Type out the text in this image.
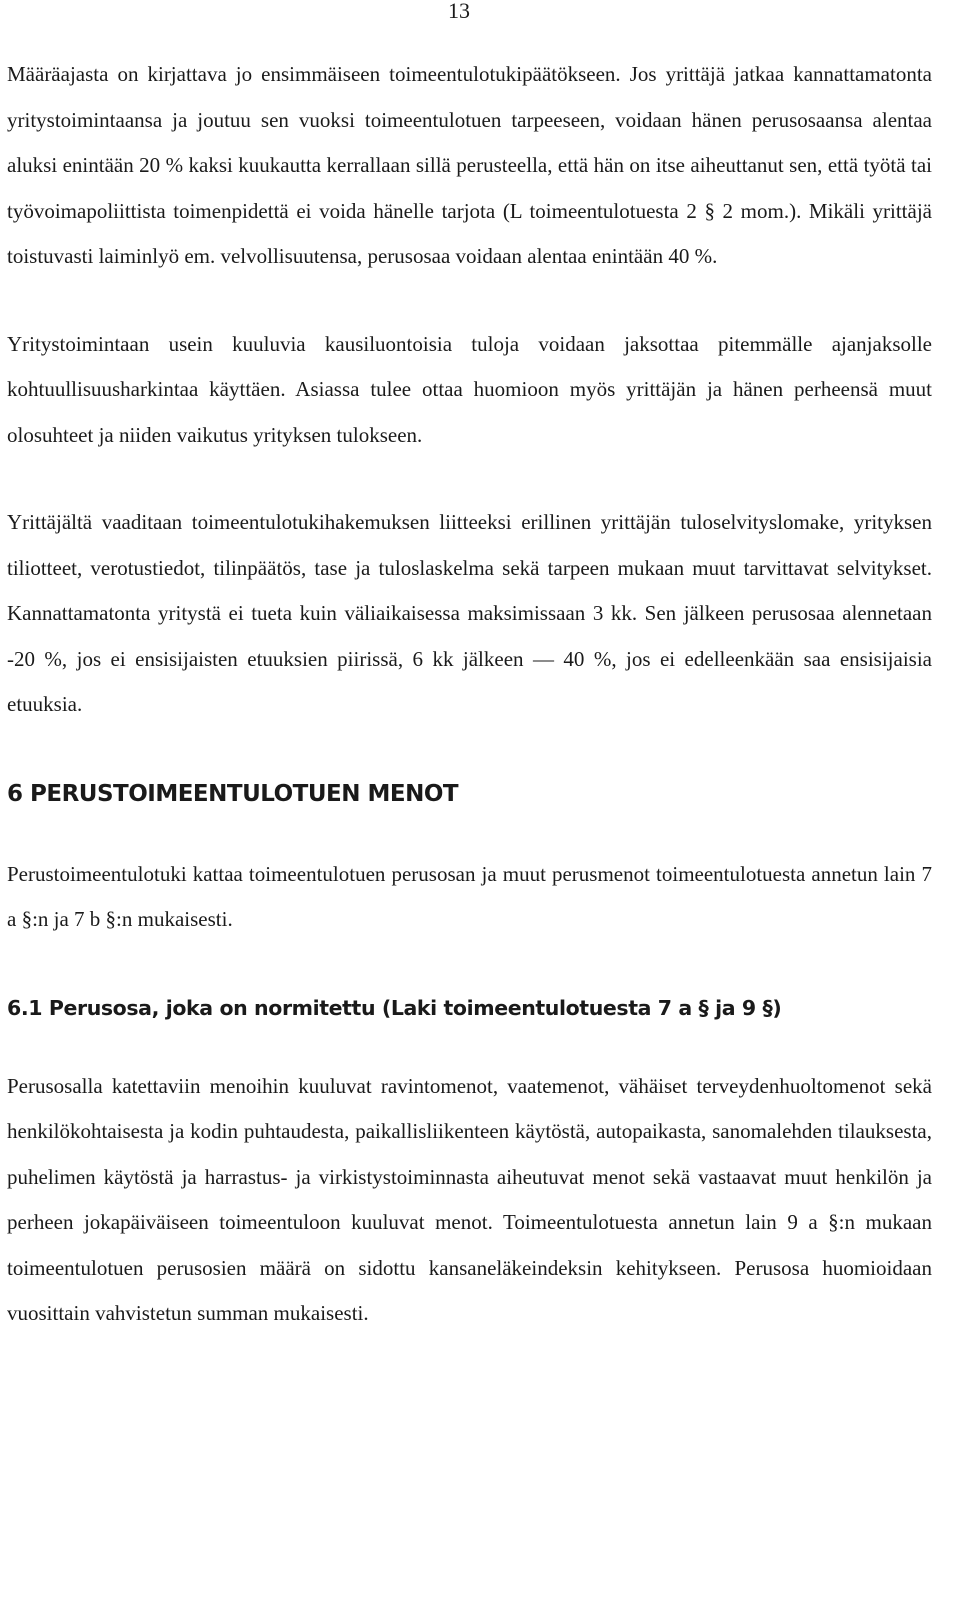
13

Määräajasta on kirjattava jo ensimmäiseen toimeentulotukipäätökseen. Jos yrittäjä jatkaa kannattamatonta yritystoimintaansa ja joutuu sen vuoksi toimeentulotuen tarpeeseen, voidaan hänen perusosaansa alentaa aluksi enintään 20 % kaksi kuukautta kerrallaan sillä perusteella, että hän on itse aiheuttanut sen, että työtä tai työvoimapoliittista toimenpidettä ei voida hänelle tarjota (L toimeentulotuesta 2 § 2 mom.). Mikäli yrittäjä toistuvasti laiminlyö em. velvollisuutensa, perusosaa voidaan alentaa enintään 40 %.

Yritystoimintaan usein kuuluvia kausiluontoisia tuloja voidaan jaksottaa pitemmälle ajanjaksolle kohtuullisuusharkintaa käyttäen. Asiassa tulee ottaa huomioon myös yrittäjän ja hänen perheensä muut olosuhteet ja niiden vaikutus yrityksen tulokseen.

Yrittäjältä vaaditaan toimeentulotukihakemuksen liitteeksi erillinen yrittäjän tuloselvityslomake, yrityksen tiliotteet, verotustiedot, tilinpäätös, tase ja tuloslaskelma sekä tarpeen mukaan muut tarvittavat selvitykset. Kannattamatonta yritystä ei tueta kuin väliaikaisessa maksimissaan 3 kk. Sen jälkeen perusosaa alennetaan -20 %, jos ei ensisijaisten etuuksien piirissä, 6 kk jälkeen — 40 %, jos ei edelleenkään saa ensisijaisia etuuksia.

6 PERUSTOIMEENTULOTUEN MENOT

Perustoimeentulotuki kattaa toimeentulotuen perusosan ja muut perusmenot toimeentulotuesta annetun lain 7 a §:n ja 7 b §:n mukaisesti.

6.1 Perusosa, joka on normitettu (Laki toimeentulotuesta 7 a § ja 9 §)

Perusosalla katettaviin menoihin kuuluvat ravintomenot, vaatemenot, vähäiset terveydenhuoltomenot sekä henkilökohtaisesta ja kodin puhtaudesta, paikallisliikenteen käytöstä, autopaikasta, sanomalehden tilauksesta, puhelimen käytöstä ja harrastus- ja virkistystoiminnasta aiheutuvat menot sekä vastaavat muut henkilön ja perheen jokapäiväiseen toimeentuloon kuuluvat menot. Toimeentulotuesta annetun lain 9 a §:n mukaan toimeentulotuen perusosien määrä on sidottu kansaneläkeindeksin kehitykseen. Perusosa huomioidaan vuosittain vahvistetun summan mukaisesti.
